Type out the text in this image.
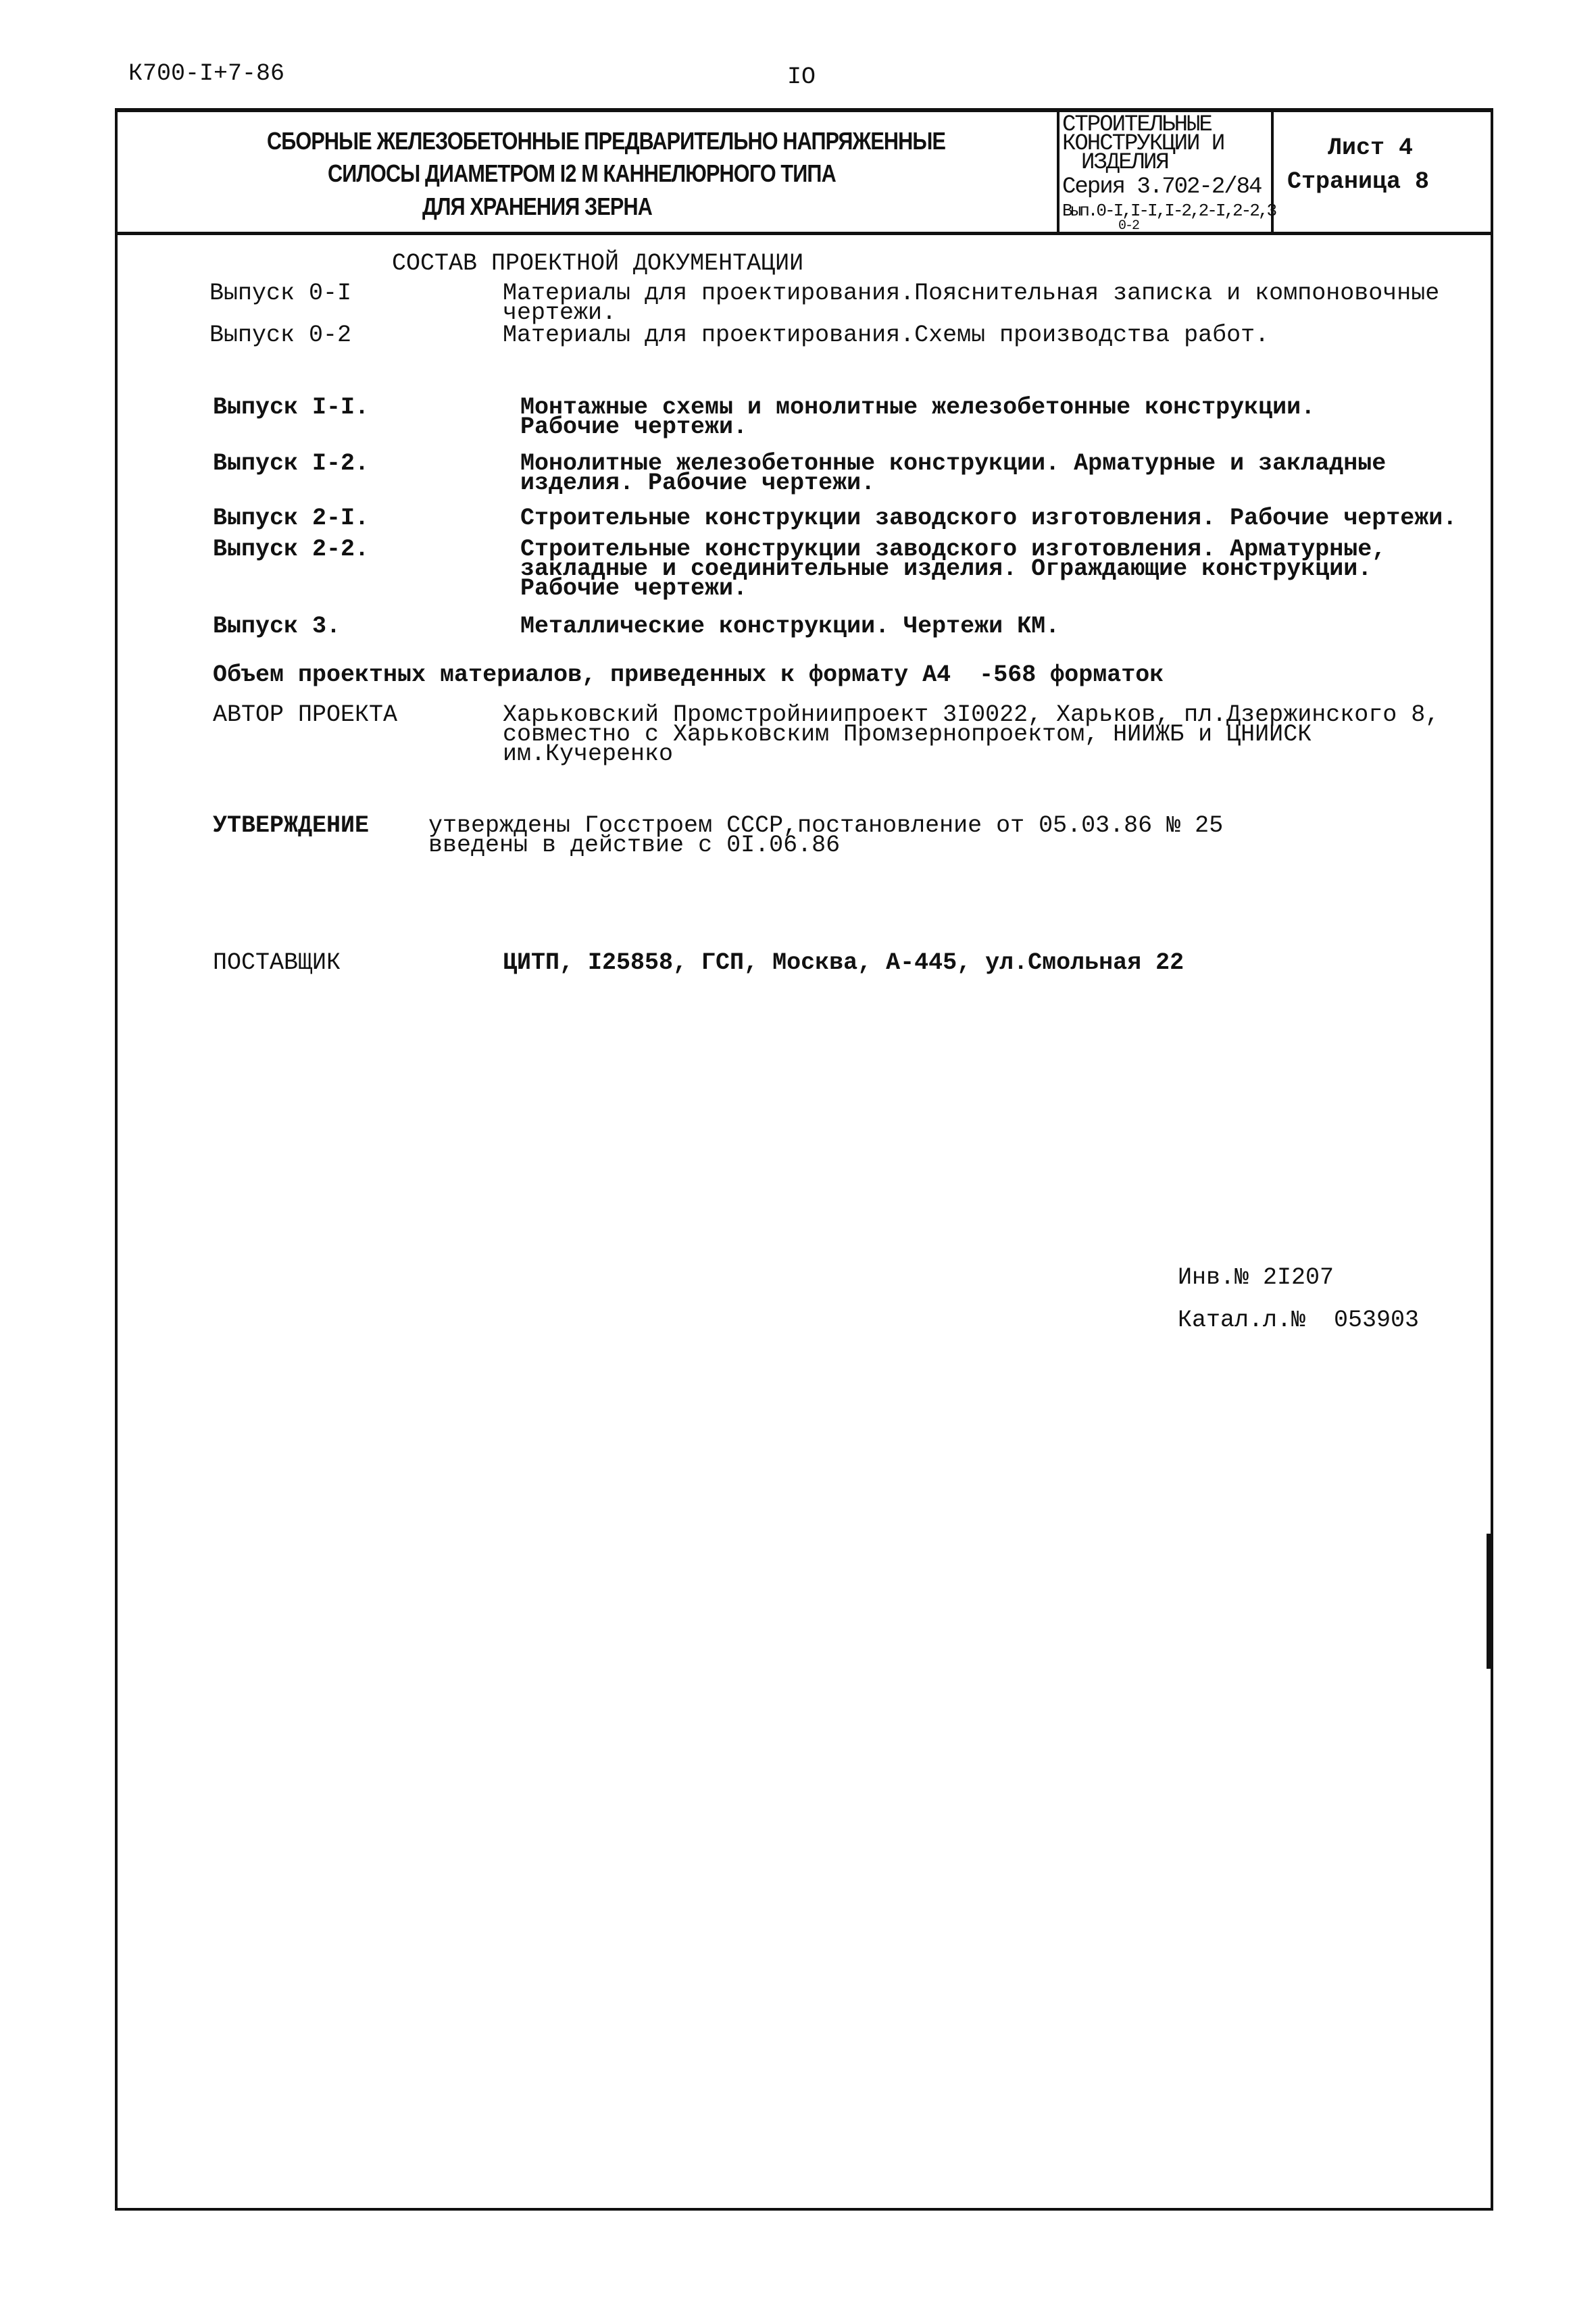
К700-I+7-86	IO
СБОРНЫЕ ЖЕЛЕЗОБЕТОННЫЕ ПРЕДВАРИТЕЛЬНО НАПРЯЖЕННЫЕ
СИЛОСЫ ДИАМЕТРОМ I2 М КАННЕЛЮРНОГО ТИПА
ДЛЯ ХРАНЕНИЯ ЗЕРНА
СТРОИТЕЛЬНЫЕ
КОНСТРУКЦИИ И
ИЗДЕЛИЯ
Серия 3.702-2/84
Вып.0-I,I-I,I-2,2-I,2-2,3
0-2
Лист 4
Страница 8
СОСТАВ ПРОЕКТНОЙ ДОКУМЕНТАЦИИ
Выпуск 0-I	Материалы для проектирования.Пояснительная записка и компоновочные
чертежи.
Выпуск 0-2	Материалы для проектирования.Схемы производства работ.
Выпуск I-I.	Монтажные схемы и монолитные железобетонные конструкции.
Рабочие чертежи.
Выпуск I-2.	Монолитные железобетонные конструкции. Арматурные и закладные
изделия. Рабочие чертежи.
Выпуск 2-I.	Строительные конструкции заводского изготовления. Рабочие чертежи.
Выпуск 2-2.	Строительные конструкции заводского изготовления. Арматурные,
закладные и соединительные изделия. Ограждающие конструкции.
Рабочие чертежи.
Выпуск 3.	Металлические конструкции. Чертежи КМ.
Объем проектных материалов, приведенных к формату А4  -568 форматок
АВТОР ПРОЕКТА	Харьковский Промстройниипроект 3I0022, Харьков, пл.Дзержинского 8,
совместно с Харьковским Промзернопроектом, НИИЖБ и ЦНИИСК
им.Кучеренко
УТВЕРЖДЕНИЕ	утверждены Госстроем СССР,постановление от 05.03.86 № 25
введены в действие с 0I.06.86
ПОСТАВЩИК	ЦИТП, I25858, ГСП, Москва, А-445, ул.Смольная 22
Инв.№ 2I207
Катал.л.№  053903
